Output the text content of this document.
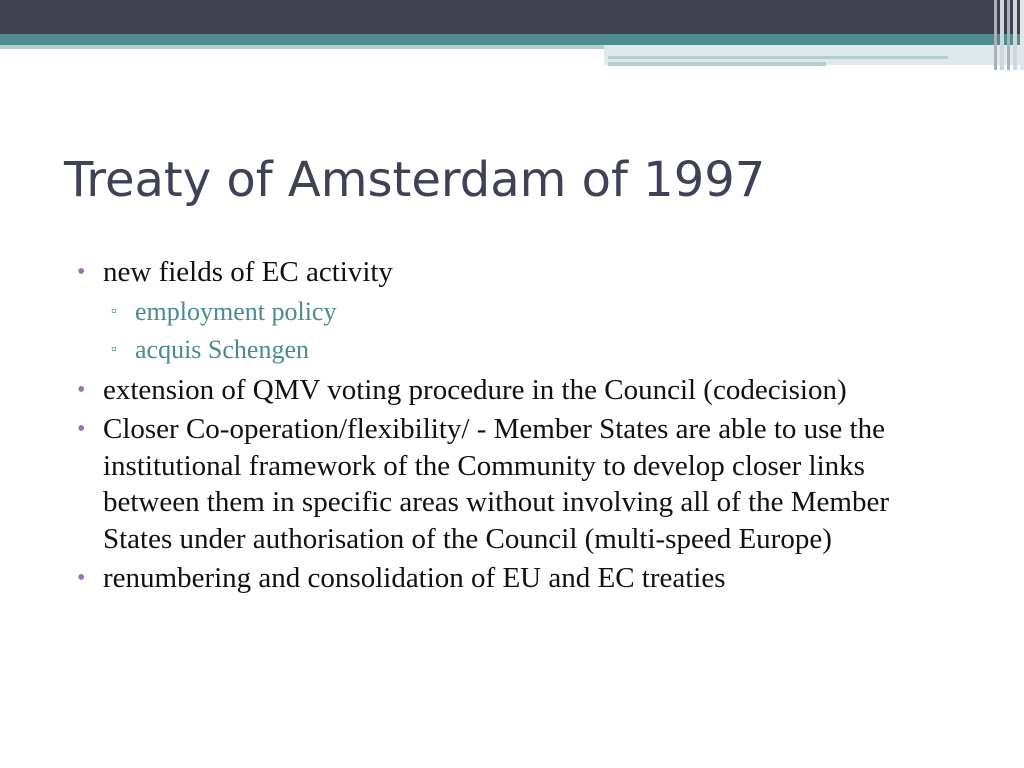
Treaty of Amsterdam of 1997
• new fields of EC activity
▫ employment policy
▫ acquis Schengen
• extension of QMV voting procedure in the Council (codecision)
• Closer Co-operation/flexibility/ - Member States are able to use the institutional framework of the Community to develop closer links between them in specific areas without involving all of the Member States under authorisation of the Council (multi-speed Europe)
• renumbering and consolidation of EU and EC treaties
